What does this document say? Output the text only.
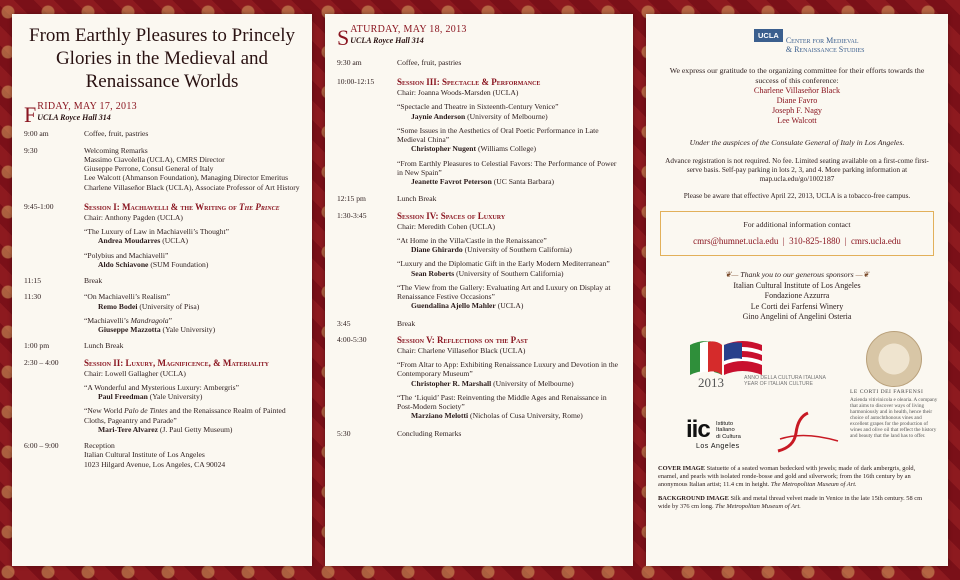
From Earthly Pleasures to Princely Glories in the Medieval and Renaissance Worlds
F RIDAY, MAY 17, 2013
UCLA Royce Hall 314
9:00 am	Coffee, fruit, pastries
9:30	Welcoming Remarks
Massimo Ciavolella (UCLA), CMRS Director
Giuseppe Perrone, Consul General of Italy
Lee Walcott (Ahmanson Foundation), Managing Director Emeritus
Charlene Villaseñor Black (UCLA), Associate Professor of Art History
9:45-1:00	Session I: Machiavelli & the Writing of The Prince
Chair: Anthony Pagden (UCLA)
“The Luxury of Law in Machiavelli’s Thought”
Andrea Moudarres (UCLA)
“Polybius and Machiavelli”
Aldo Schiavone (SUM Foundation)
11:15	Break
11:30	“On Machiavelli’s Realism”
Remo Bodei (University of Pisa)
“Machiavelli’s Mandragola”
Giuseppe Mazzotta (Yale University)
1:00 pm	Lunch Break
2:30 – 4:00	Session II: Luxury, Magnificence, & Materiality
Chair: Lowell Gallagher (UCLA)
“A Wonderful and Mysterious Luxury: Ambergris”
Paul Freedman (Yale University)
“New World Palo de Tintes and the Renaissance Realm of Painted Cloths, Pageantry and Parade”
Mari-Tere Alvarez (J. Paul Getty Museum)
6:00 – 9:00	Reception
Italian Cultural Institute of Los Angeles
1023 Hilgard Avenue, Los Angeles, CA 90024
S ATURDAY, MAY 18, 2013
UCLA Royce Hall 314
9:30 am	Coffee, fruit, pastries
10:00-12:15	Session III: Spectacle & Performance
Chair: Joanna Woods-Marsden (UCLA)
“Spectacle and Theatre in Sixteenth-Century Venice”
Jaynie Anderson (University of Melbourne)
“Some Issues in the Aesthetics of Oral Poetic Performance in Late Medieval China”
Christopher Nugent (Williams College)
“From Earthly Pleasures to Celestial Favors: The Performance of Power in New Spain”
Jeanette Favrot Peterson (UC Santa Barbara)
12:15 pm	Lunch Break
1:30-3:45	Session IV: Spaces of Luxury
Chair: Meredith Cohen (UCLA)
“At Home in the Villa/Castle in the Renaissance”
Diane Ghirardo (University of Southern California)
“Luxury and the Diplomatic Gift in the Early Modern Mediterranean”
Sean Roberts (University of Southern California)
“The View from the Gallery: Evaluating Art and Luxury on Display at Renaissance Festive Occasions”
Guendalina Ajello Mahler (UCLA)
3:45	Break
4:00-5:30	Session V: Reflections on the Past
Chair: Charlene Villaseñor Black (UCLA)
“From Altar to App: Exhibiting Renaissance Luxury and Devotion in the Contemporary Museum”
Christopher R. Marshall (University of Melbourne)
“The ‘Liquid’ Past: Reinventing the Middle Ages and Renaissance in Post-Modern Society”
Marziano Melotti (Nicholas of Cusa University, Rome)
5:30	Concluding Remarks
UCLA
Center for Medieval
& Renaissance Studies
We express our gratitude to the organizing committee for their efforts towards the success of this conference:
Charlene Villaseñor Black
Diane Favro
Joseph F. Nagy
Lee Walcott
Under the auspices of the Consulate General of Italy in Los Angeles.
Advance registration is not required. No fee. Limited seating available on a first-come first-serve basis. Self-pay parking in lots 2, 3, and 4. More parking information at map.ucla.edu/go/1002187
Please be aware that effective April 22, 2013, UCLA is a tobacco-free campus.
For additional information contact
cmrs@humnet.ucla.edu  |  310-825-1880  |  cmrs.ucla.edu
❦— Thank you to our generous sponsors —❦
Italian Cultural Institute of Los Angeles
Fondazione Azzurra
Le Corti dei Farfensi Winery
Gino Angelini of Angelini Osteria
2013	ANNO DELLA CULTURA ITALIANA
YEAR OF ITALIAN CULTURE
LE CORTI DEI FARFENSI
Azienda vitivinicola e olearia. A company that aims to discover ways of living harmoniously and in health, hence their choice of autochthonous vines and excellent grapes for the production of wines and olive oil that reflect the history and beauty that the land has to offer.
iic Istituto
Italiano
di Cultura
Los Angeles

COVER IMAGE Statuette of a seated woman bedecked with jewels; made of dark ambergris, gold, enamel, and pearls with isolated ronde-bosse and gold and silverwork; from the 16th century by an anonymous Italian artist; 11.4 cm in height. The Metropolitan Museum of Art.

BACKGROUND IMAGE Silk and metal thread velvet made in Venice in the late 15th century. 58 cm wide by 376 cm long. The Metropolitan Museum of Art.
